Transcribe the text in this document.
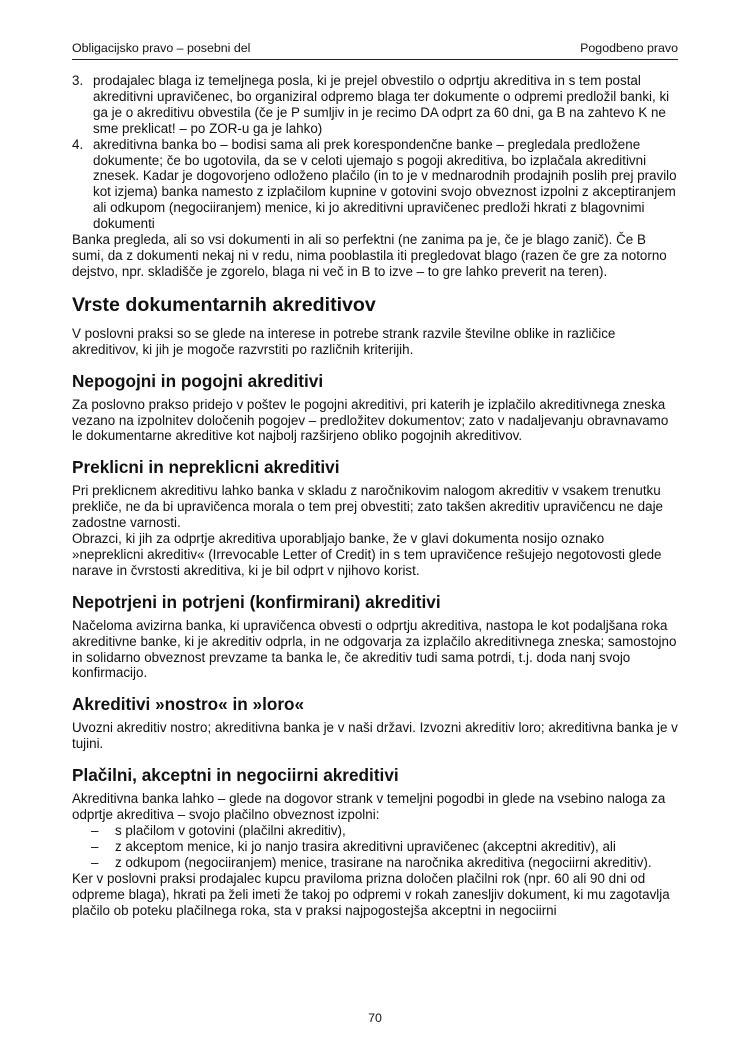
Obligacijsko pravo – posebni del	Pogodbeno pravo
3. prodajalec blaga iz temeljnega posla, ki je prejel obvestilo o odprtju akreditiva in s tem postal akreditivni upravičenec, bo organiziral odpremo blaga ter dokumente o odpremi predložil banki, ki ga je o akreditivu obvestila (če je P sumljiv in je recimo DA odprt za 60 dni, ga B na zahtevo K ne sme preklicat! – po ZOR-u ga je lahko)
4. akreditivna banka bo – bodisi sama ali prek korespondenčne banke – pregledala predložene dokumente; če bo ugotovila, da se v celoti ujemajo s pogoji akreditiva, bo izplačala akreditivni znesek. Kadar je dogovorjeno odloženo plačilo (in to je v mednarodnih prodajnih poslih prej pravilo kot izjema) banka namesto z izplačilom kupnine v gotovini svojo obveznost izpolni z akceptiranjem ali odkupom (negociiranjem) menice, ki jo akreditivni upravičenec predloži hkrati z blagovnimi dokumenti

Banka pregleda, ali so vsi dokumenti in ali so perfektni (ne zanima pa je, če je blago zanič). Če B sumi, da z dokumenti nekaj ni v redu, nima pooblastila iti pregledovat blago (razen če gre za notorno dejstvo, npr. skladišče je zgorelo, blaga ni več in B to izve – to gre lahko preverit na teren).

Vrste dokumentarnih akreditivov

V poslovni praksi so se glede na interese in potrebe strank razvile številne oblike in različice akreditivov, ki jih je mogoče razvrstiti po različnih kriterijih.

Nepogojni in pogojni akreditivi

Za poslovno prakso pridejo v poštev le pogojni akreditivi, pri katerih je izplačilo akreditivnega zneska vezano na izpolnitev določenih pogojev – predložitev dokumentov; zato v nadaljevanju obravnavamo le dokumentarne akreditive kot najbolj razširjeno obliko pogojnih akreditivov.

Preklicni in nepreklicni akreditivi

Pri preklicnem akreditivu lahko banka v skladu z naročnikovim nalogom akreditiv v vsakem trenutku prekliče, ne da bi upravičenca morala o tem prej obvestiti; zato takšen akreditiv upravičencu ne daje zadostne varnosti.

Obrazci, ki jih za odprtje akreditiva uporabljajo banke, že v glavi dokumenta nosijo oznako »nepreklicni akreditiv« (Irrevocable Letter of Credit) in s tem upravičence rešujejo negotovosti glede narave in čvrstosti akreditiva, ki je bil odprt v njihovo korist.

Nepotrjeni in potrjeni (konfirmirani) akreditivi

Načeloma avizirna banka, ki upravičenca obvesti o odprtju akreditiva, nastopa le kot podaljšana roka akreditivne banke, ki je akreditiv odprla, in ne odgovarja za izplačilo akreditivnega zneska; samostojno in solidarno obveznost prevzame ta banka le, če akreditiv tudi sama potrdi, t.j. doda nanj svojo konfirmacijo.

Akreditivi »nostro« in »loro«

Uvozni akreditiv nostro; akreditivna banka je v naši državi. Izvozni akreditiv loro; akreditivna banka je v tujini.

Plačilni, akceptni in negociirni akreditivi

Akreditivna banka lahko – glede na dogovor strank v temeljni pogodbi in glede na vsebino naloga za odprtje akreditiva – svojo plačilno obveznost izpolni:

– s plačilom v gotovini (plačilni akreditiv),
– z akceptom menice, ki jo nanjo trasira akreditivni upravičenec (akceptni akreditiv), ali
– z odkupom (negociiranjem) menice, trasirane na naročnika akreditiva (negociirni akreditiv).

Ker v poslovni praksi prodajalec kupcu praviloma prizna določen plačilni rok (npr. 60 ali 90 dni od odpreme blaga), hkrati pa želi imeti že takoj po odpremi v rokah zanesljiv dokument, ki mu zagotavlja plačilo ob poteku plačilnega roka, sta v praksi najpogostejša akceptni in negociirni

70
